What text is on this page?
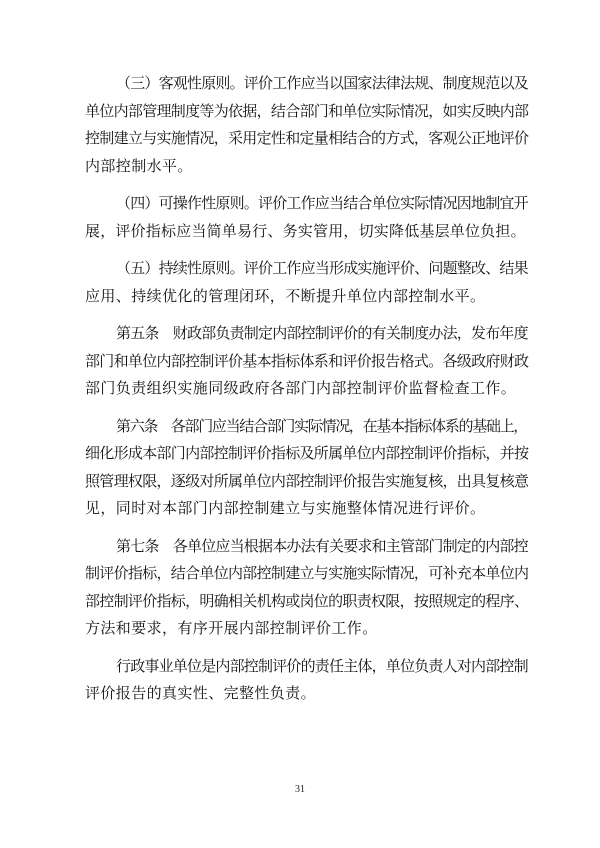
（三）客观性原则。评价工作应当以国家法律法规、制度规范以及
单位内部管理制度等为依据，结合部门和单位实际情况，如实反映内部
控制建立与实施情况，采用定性和定量相结合的方式，客观公正地评价
内部控制水平。
（四）可操作性原则。评价工作应当结合单位实际情况因地制宜开
展，评价指标应当简单易行、务实管用，切实降低基层单位负担。
（五）持续性原则。评价工作应当形成实施评价、问题整改、结果
应用、持续优化的管理闭环，不断提升单位内部控制水平。
第五条　财政部负责制定内部控制评价的有关制度办法，发布年度
部门和单位内部控制评价基本指标体系和评价报告格式。各级政府财政
部门负责组织实施同级政府各部门内部控制评价监督检查工作。
第六条　各部门应当结合部门实际情况，在基本指标体系的基础上，
细化形成本部门内部控制评价指标及所属单位内部控制评价指标，并按
照管理权限，逐级对所属单位内部控制评价报告实施复核，出具复核意
见，同时对本部门内部控制建立与实施整体情况进行评价。
第七条　各单位应当根据本办法有关要求和主管部门制定的内部控
制评价指标，结合单位内部控制建立与实施实际情况，可补充本单位内
部控制评价指标，明确相关机构或岗位的职责权限，按照规定的程序、
方法和要求，有序开展内部控制评价工作。
行政事业单位是内部控制评价的责任主体，单位负责人对内部控制
评价报告的真实性、完整性负责。
31
